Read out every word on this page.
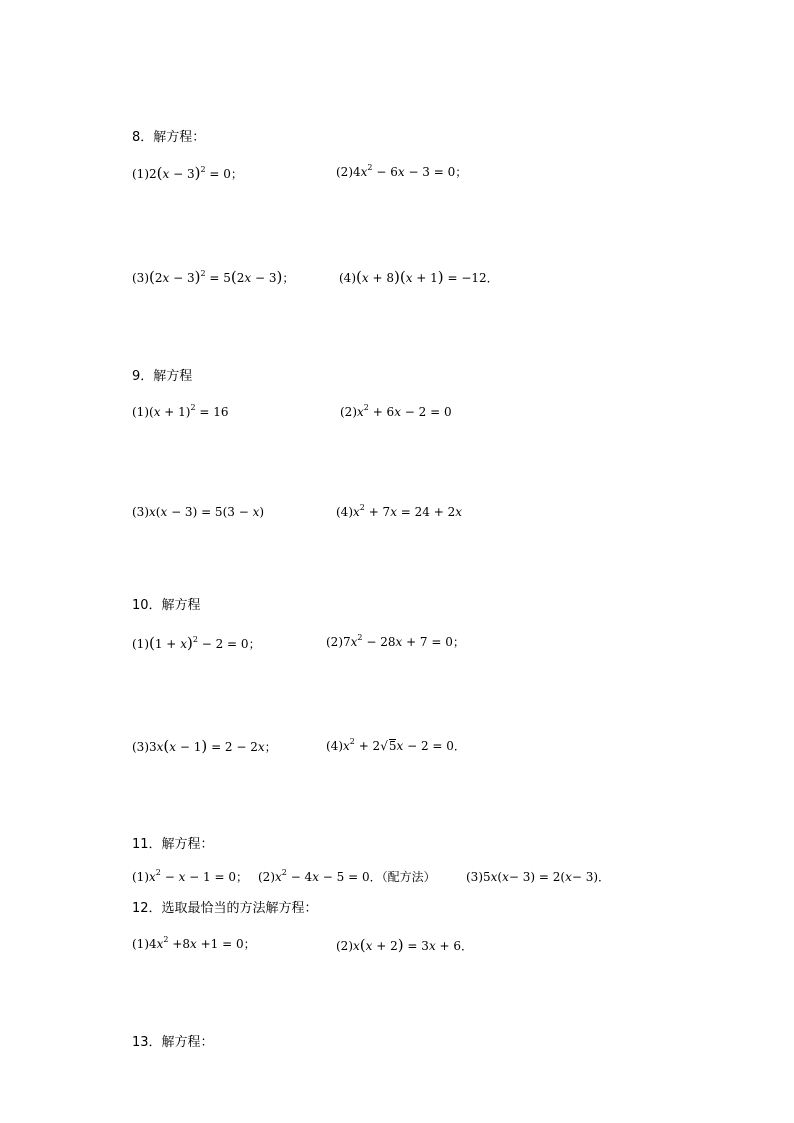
8．解方程：
$(1)2(x - 3)^2 = 0$；	$(2)4x^2 - 6x - 3 = 0$；
$(3)(2x - 3)^2 = 5(2x - 3)$；	(4)(x + 8)(x + 1) = −12．
9．解方程
$(1)(x + 1)^2 = 16$	$(2)x^2 + 6x - 2 = 0$
(3)x(x − 3) = 5(3 − x)	$(4)x^2 + 7x = 24 + 2x$
10．解方程
$(1)(1 + x)^2 - 2 = 0$；	$(2)7x^2 - 28x + 7 = 0$；
(3)3x(x − 1) = 2 − 2x；	$(4)x^2 + 2√5x - 2 = 0$．
11．解方程：
$(1)x^2 - x - 1 = 0$； $(2)x^2 - 4x - 5 = 0$．（配方法）	(3)5x(x− 3) = 2(x− 3)．
12．选取最恰当的方法解方程：
$(1)4x^2 +8x +1 = 0$；	(2)x(x + 2) = 3x + 6．
13．解方程：
